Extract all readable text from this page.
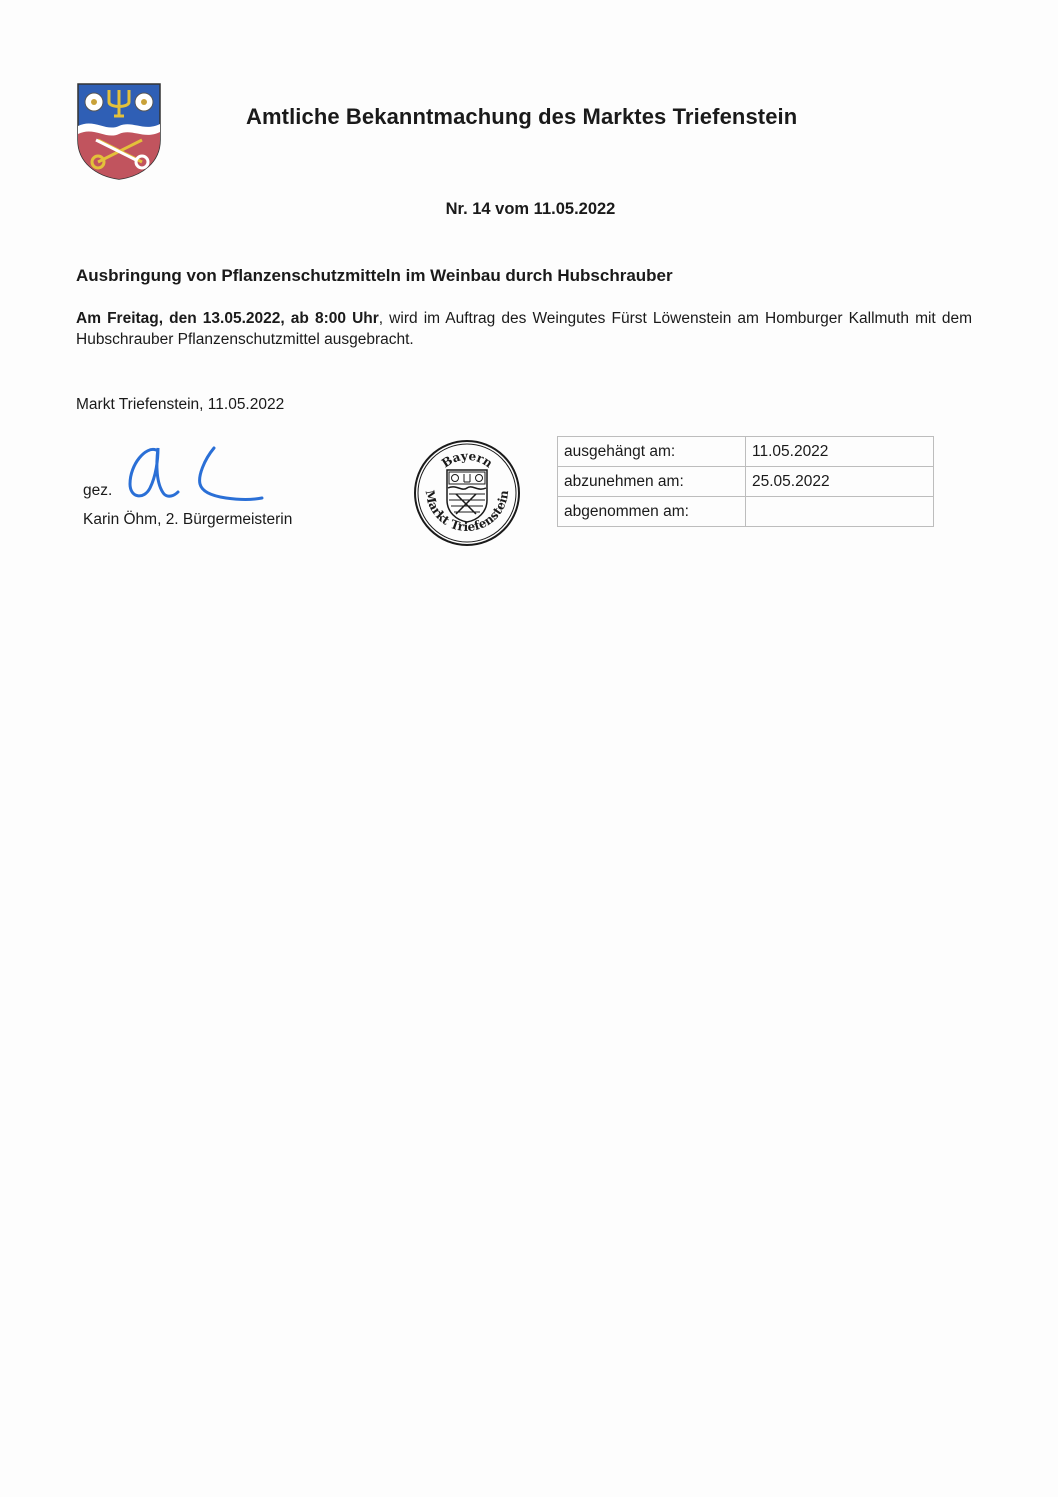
Amtliche Bekanntmachung des Marktes Triefenstein
Nr. 14 vom 11.05.2022
Ausbringung von Pflanzenschutzmitteln im Weinbau durch Hubschrauber
Am Freitag, den 13.05.2022, ab 8:00 Uhr, wird im Auftrag des Weingutes Fürst Löwenstein am Homburger Kallmuth mit dem Hubschrauber Pflanzenschutzmittel ausgebracht.
Markt Triefenstein, 11.05.2022
gez.
Karin Öhm, 2. Bürgermeisterin
Bayern
Markt Triefenstein
ausgehängt am:	11.05.2022
abzunehmen am:	25.05.2022
abgenommen am:	
